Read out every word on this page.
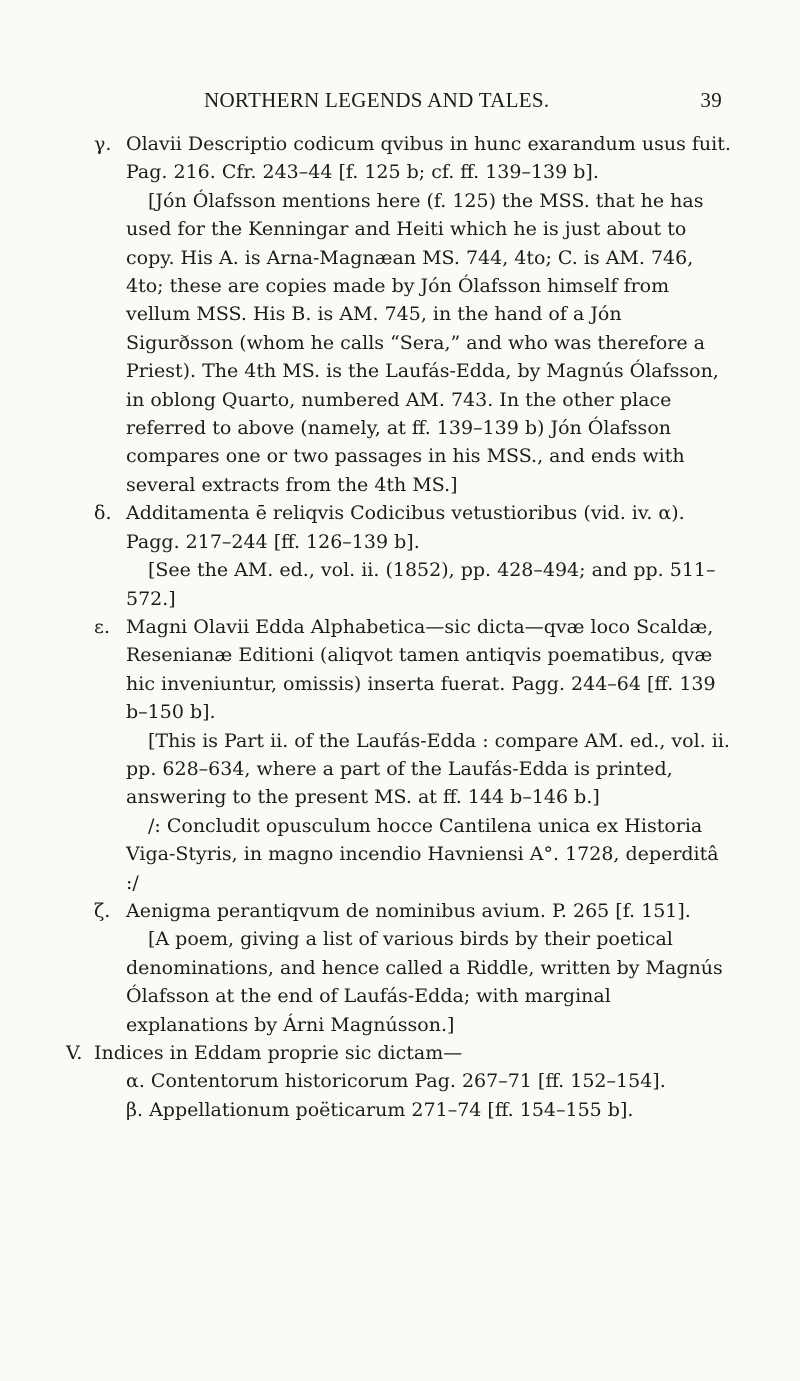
NORTHERN LEGENDS AND TALES.	39

γ. Olavii Descriptio codicum qvibus in hunc exarandum usus fuit. Pag. 216. Cfr. 243–44 [f. 125 b; cf. ff. 139–139 b].

[Jón Ólafsson mentions here (f. 125) the MSS. that he has used for the Kenningar and Heiti which he is just about to copy. His A. is Arna-Magnæan MS. 744, 4to; C. is AM. 746, 4to; these are copies made by Jón Ólafsson himself from vellum MSS. His B. is AM. 745, in the hand of a Jón Sigurðsson (whom he calls “Sera,” and who was therefore a Priest). The 4th MS. is the Laufás-Edda, by Magnús Ólafsson, in oblong Quarto, numbered AM. 743. In the other place referred to above (namely, at ff. 139–139 b) Jón Ólafsson compares one or two passages in his MSS., and ends with several extracts from the 4th MS.]

δ. Additamenta ē reliqvis Codicibus vetustioribus (vid. iv. α). Pagg. 217–244 [ff. 126–139 b].

[See the AM. ed., vol. ii. (1852), pp. 428–494; and pp. 511–572.]

ε. Magni Olavii Edda Alphabetica—sic dicta—qvæ loco Scaldæ, Resenianæ Editioni (aliqvot tamen antiqvis poematibus, qvæ hic inveniuntur, omissis) inserta fuerat. Pagg. 244–64 [ff. 139 b–150 b].

[This is Part ii. of the Laufás-Edda : compare AM. ed., vol. ii. pp. 628–634, where a part of the Laufás-Edda is printed, answering to the present MS. at ff. 144 b–146 b.]

/: Concludit opusculum hocce Cantilena unica ex Historia Viga-Styris, in magno incendio Havniensi A°. 1728, deperditâ :/

ζ. Aenigma perantiqvum de nominibus avium. P. 265 [f. 151].

[A poem, giving a list of various birds by their poetical denominations, and hence called a Riddle, written by Magnús Ólafsson at the end of Laufás-Edda; with marginal explanations by Árni Magnússon.]

V. Indices in Eddam proprie sic dictam—

α. Contentorum historicorum Pag. 267–71 [ff. 152–154].

β. Appellationum poëticarum 271–74 [ff. 154–155 b].
